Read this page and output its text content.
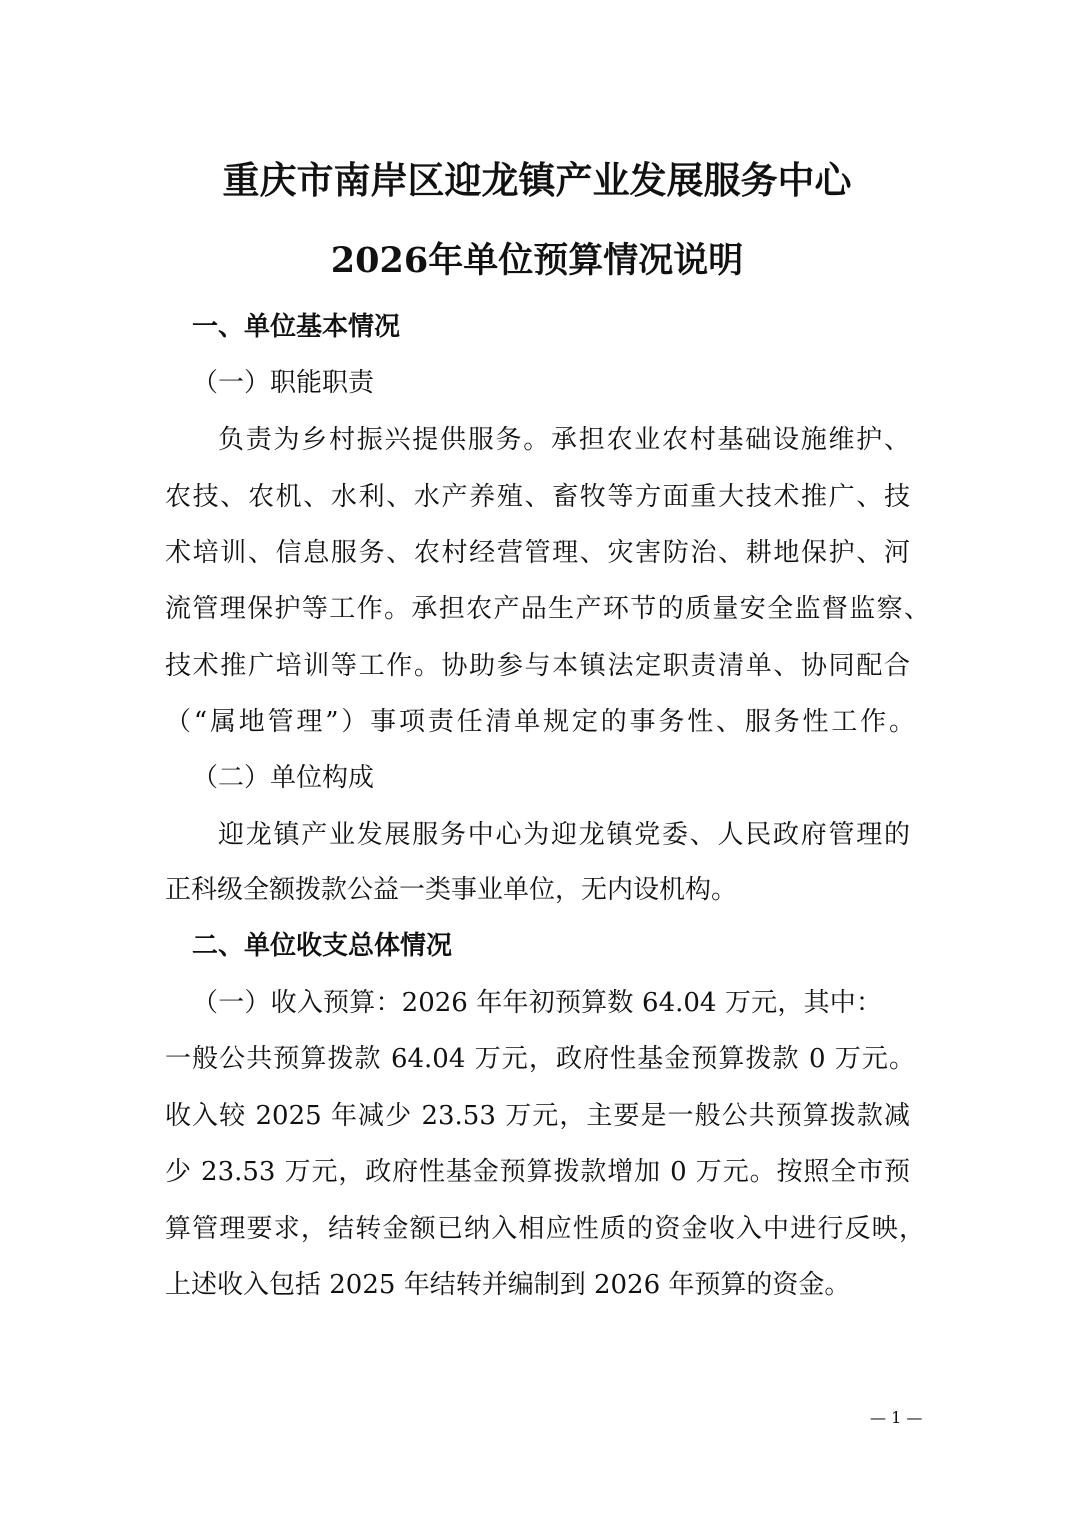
重庆市南岸区迎龙镇产业发展服务中心
2026年单位预算情况说明
一、单位基本情况
（一）职能职责
负责为乡村振兴提供服务。承担农业农村基础设施维护、
农技、农机、水利、水产养殖、畜牧等方面重大技术推广、技
术培训、信息服务、农村经营管理、灾害防治、耕地保护、河
流管理保护等工作。承担农产品生产环节的质量安全监督监察、
技术推广培训等工作。协助参与本镇法定职责清单、协同配合
（“属地管理”）事项责任清单规定的事务性、服务性工作。
（二）单位构成
迎龙镇产业发展服务中心为迎龙镇党委、人民政府管理的
正科级全额拨款公益一类事业单位，无内设机构。
二、单位收支总体情况
（一）收入预算：2026 年年初预算数 64.04 万元，其中：
一般公共预算拨款 64.04 万元，政府性基金预算拨款 0 万元。
收入较 2025 年减少 23.53 万元，主要是一般公共预算拨款减
少 23.53 万元，政府性基金预算拨款增加 0 万元。按照全市预
算管理要求，结转金额已纳入相应性质的资金收入中进行反映，
上述收入包括 2025 年结转并编制到 2026 年预算的资金。
— 1 —
